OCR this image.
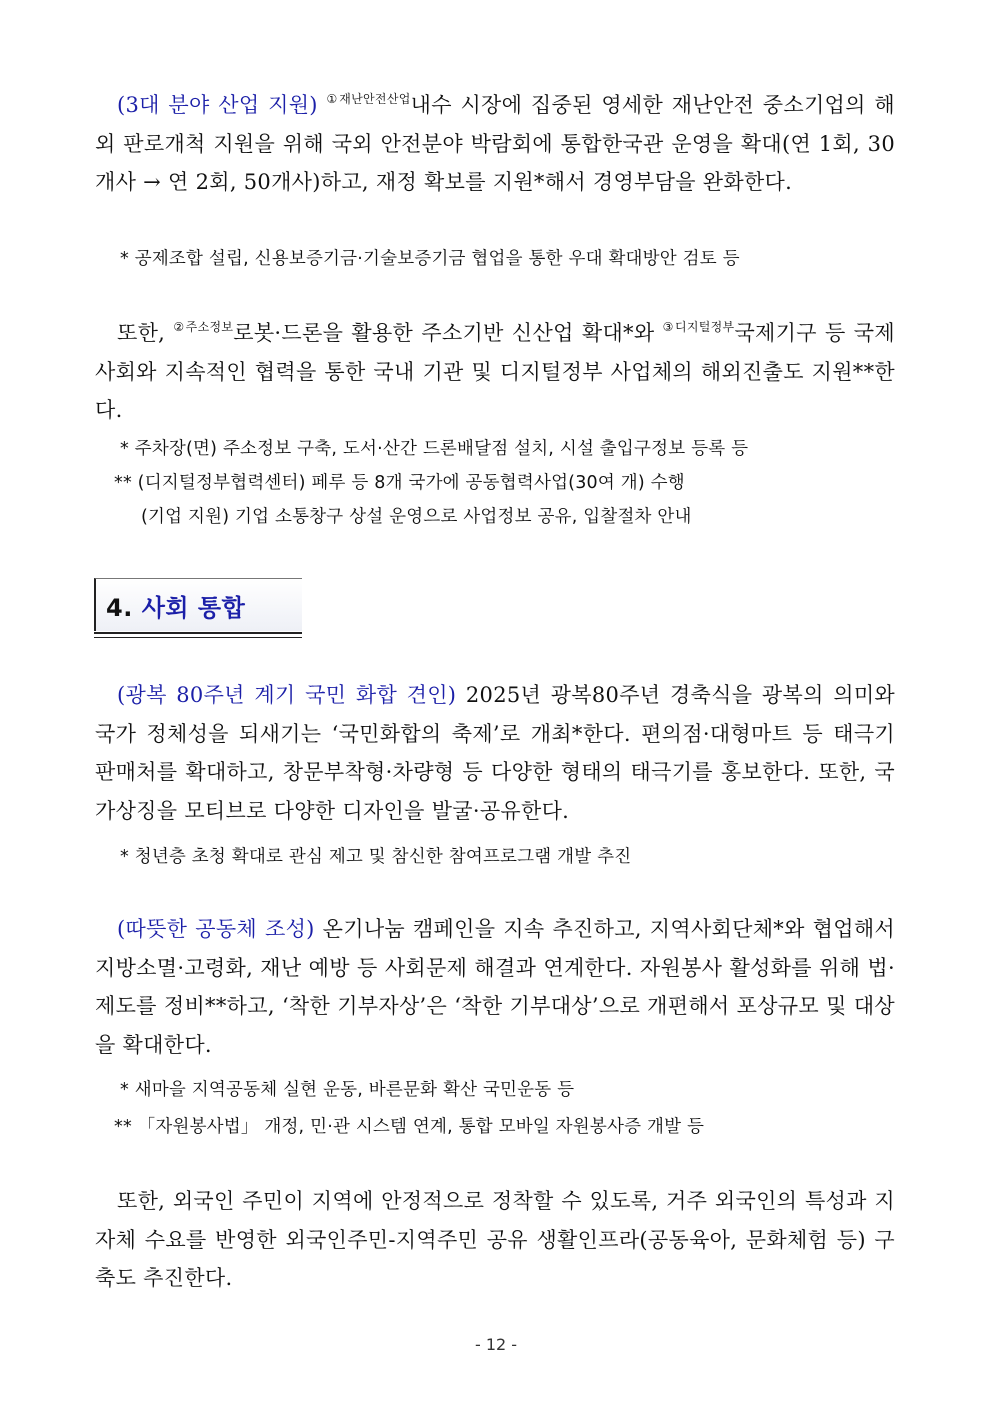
(3대 분야 산업 지원) $^{①재난안전산업}$내수 시장에 집중된 영세한 재난안전 중소기업의 해외 판로개척 지원을 위해 국외 안전분야 박람회에 통합한국관 운영을 확대(연 1회, 30개사 → 연 2회, 50개사)하고, 재정 확보를 지원*해서 경영부담을 완화한다.
* 공제조합 설립, 신용보증기금·기술보증기금 협업을 통한 우대 확대방안 검토 등
또한, $^{②주소정보}$로봇·드론을 활용한 주소기반 신산업 확대*와 $^{③디지털정부}$국제기구 등 국제사회와 지속적인 협력을 통한 국내 기관 및 디지털정부 사업체의 해외진출도 지원**한다.
* 주차장(면) 주소정보 구축, 도서·산간 드론배달점 설치, 시설 출입구정보 등록 등
** (디지털정부협력센터) 페루 등 8개 국가에 공동협력사업(30여 개) 수행
(기업 지원) 기업 소통창구 상설 운영으로 사업정보 공유, 입찰절차 안내
4. 사회 통합
(광복 80주년 계기 국민 화합 견인) 2025년 광복80주년 경축식을 광복의 의미와 국가 정체성을 되새기는 ‘국민화합의 축제’로 개최*한다. 편의점·대형마트 등 태극기 판매처를 확대하고, 창문부착형·차량형 등 다양한 형태의 태극기를 홍보한다. 또한, 국가상징을 모티브로 다양한 디자인을 발굴·공유한다.
* 청년층 초청 확대로 관심 제고 및 참신한 참여프로그램 개발 추진
(따뜻한 공동체 조성) 온기나눔 캠페인을 지속 추진하고, 지역사회단체*와 협업해서 지방소멸·고령화, 재난 예방 등 사회문제 해결과 연계한다. 자원봉사 활성화를 위해 법·제도를 정비**하고, ‘착한 기부자상’은 ‘착한 기부대상’으로 개편해서 포상규모 및 대상을 확대한다.
* 새마을 지역공동체 실현 운동, 바른문화 확산 국민운동 등
** 「자원봉사법」 개정, 민·관 시스템 연계, 통합 모바일 자원봉사증 개발 등
또한, 외국인 주민이 지역에 안정적으로 정착할 수 있도록, 거주 외국인의 특성과 지자체 수요를 반영한 외국인주민-지역주민 공유 생활인프라(공동육아, 문화체험 등) 구축도 추진한다.
- 12 -
